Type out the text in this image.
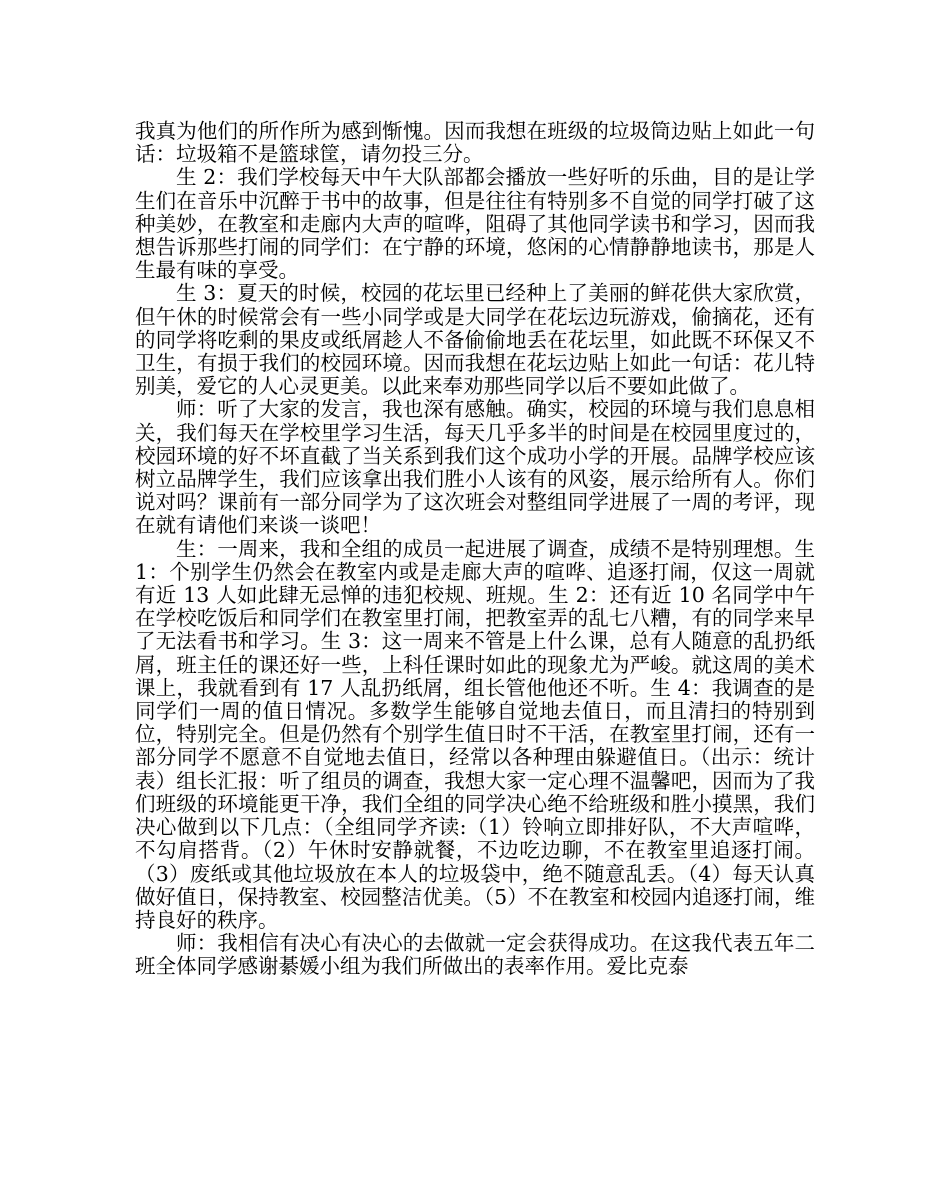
我真为他们的所作所为感到惭愧。因而我想在班级的垃圾筒边贴上如此一句话：垃圾箱不是篮球筐，请勿投三分。

生 2：我们学校每天中午大队部都会播放一些好听的乐曲，目的是让学生们在音乐中沉醉于书中的故事，但是往往有特别多不自觉的同学打破了这种美妙，在教室和走廊内大声的喧哗，阻碍了其他同学读书和学习，因而我想告诉那些打闹的同学们：在宁静的环境，悠闲的心情静静地读书，那是人生最有味的享受。

生 3：夏天的时候，校园的花坛里已经种上了美丽的鲜花供大家欣赏，但午休的时候常会有一些小同学或是大同学在花坛边玩游戏，偷摘花，还有的同学将吃剩的果皮或纸屑趁人不备偷偷地丢在花坛里，如此既不环保又不卫生，有损于我们的校园环境。因而我想在花坛边贴上如此一句话：花儿特别美，爱它的人心灵更美。以此来奉劝那些同学以后不要如此做了。

师：听了大家的发言，我也深有感触。确实，校园的环境与我们息息相关，我们每天在学校里学习生活，每天几乎多半的时间是在校园里度过的，校园环境的好不坏直截了当关系到我们这个成功小学的开展。品牌学校应该树立品牌学生，我们应该拿出我们胜小人该有的风姿，展示给所有人。你们说对吗？课前有一部分同学为了这次班会对整组同学进展了一周的考评，现在就有请他们来谈一谈吧！

生：一周来，我和全组的成员一起进展了调查，成绩不是特别理想。生 1：个别学生仍然会在教室内或是走廊大声的喧哗、追逐打闹，仅这一周就有近 13 人如此肆无忌惮的违犯校规、班规。生 2：还有近 10 名同学中午在学校吃饭后和同学们在教室里打闹，把教室弄的乱七八糟，有的同学来早了无法看书和学习。生 3：这一周来不管是上什么课，总有人随意的乱扔纸屑，班主任的课还好一些，上科任课时如此的现象尤为严峻。就这周的美术课上，我就看到有 17 人乱扔纸屑，组长管他他还不听。生 4：我调查的是同学们一周的值日情况。多数学生能够自觉地去值日，而且清扫的特别到位，特别完全。但是仍然有个别学生值日时不干活，在教室里打闹，还有一部分同学不愿意不自觉地去值日，经常以各种理由躲避值日。（出示：统计表）组长汇报：听了组员的调查，我想大家一定心理不温馨吧，因而为了我们班级的环境能更干净，我们全组的同学决心绝不给班级和胜小摸黑，我们决心做到以下几点：（全组同学齐读:（1）铃响立即排好队，不大声喧哗，不勾肩搭背。（2）午休时安静就餐，不边吃边聊，不在教室里追逐打闹。（3）废纸或其他垃圾放在本人的垃圾袋中，绝不随意乱丢。（4）每天认真做好值日，保持教室、校园整洁优美。（5）不在教室和校园内追逐打闹，维持良好的秩序。

师：我相信有决心有决心的去做就一定会获得成功。在这我代表五年二班全体同学感谢綦媛小组为我们所做出的表率作用。爱比克泰
